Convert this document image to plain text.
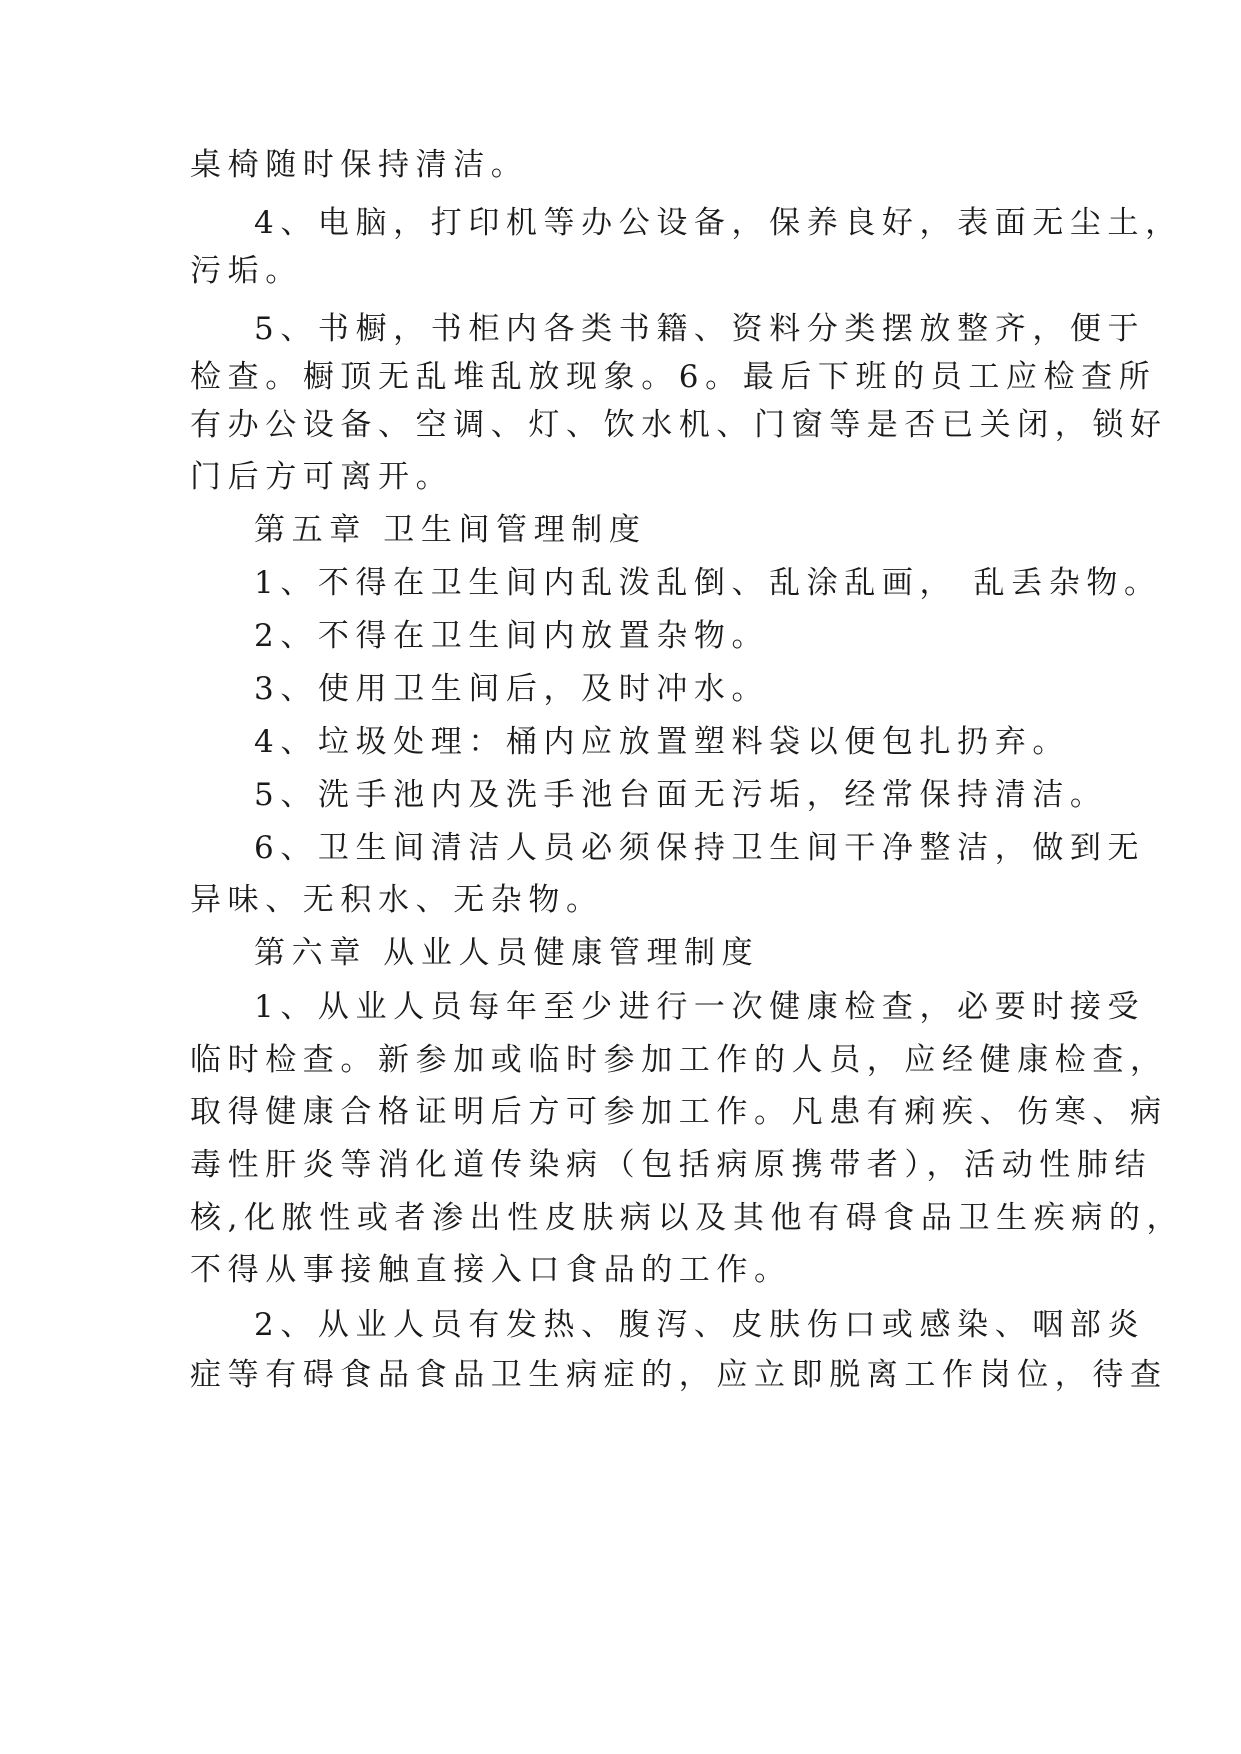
桌椅随时保持清洁。
4、电脑，打印机等办公设备，保养良好，表面无尘土，
污垢。
5、书橱，书柜内各类书籍、资料分类摆放整齐，便于
检查。橱顶无乱堆乱放现象。6。最后下班的员工应检查所
有办公设备、空调、灯、饮水机、门窗等是否已关闭，锁好
门后方可离开。
第五章 卫生间管理制度
1、不得在卫生间内乱泼乱倒、乱涂乱画， 乱丢杂物。
2、不得在卫生间内放置杂物。
3、使用卫生间后，及时冲水。
4、垃圾处理：桶内应放置塑料袋以便包扎扔弃。
5、洗手池内及洗手池台面无污垢，经常保持清洁。
6、卫生间清洁人员必须保持卫生间干净整洁，做到无
异味、无积水、无杂物。
第六章 从业人员健康管理制度
1、从业人员每年至少进行一次健康检查，必要时接受
临时检查。新参加或临时参加工作的人员，应经健康检查，
取得健康合格证明后方可参加工作。凡患有痢疾、伤寒、病
毒性肝炎等消化道传染病（包括病原携带者），活动性肺结
核,化脓性或者渗出性皮肤病以及其他有碍食品卫生疾病的，
不得从事接触直接入口食品的工作。
2、从业人员有发热、腹泻、皮肤伤口或感染、咽部炎
症等有碍食品食品卫生病症的，应立即脱离工作岗位，待查
